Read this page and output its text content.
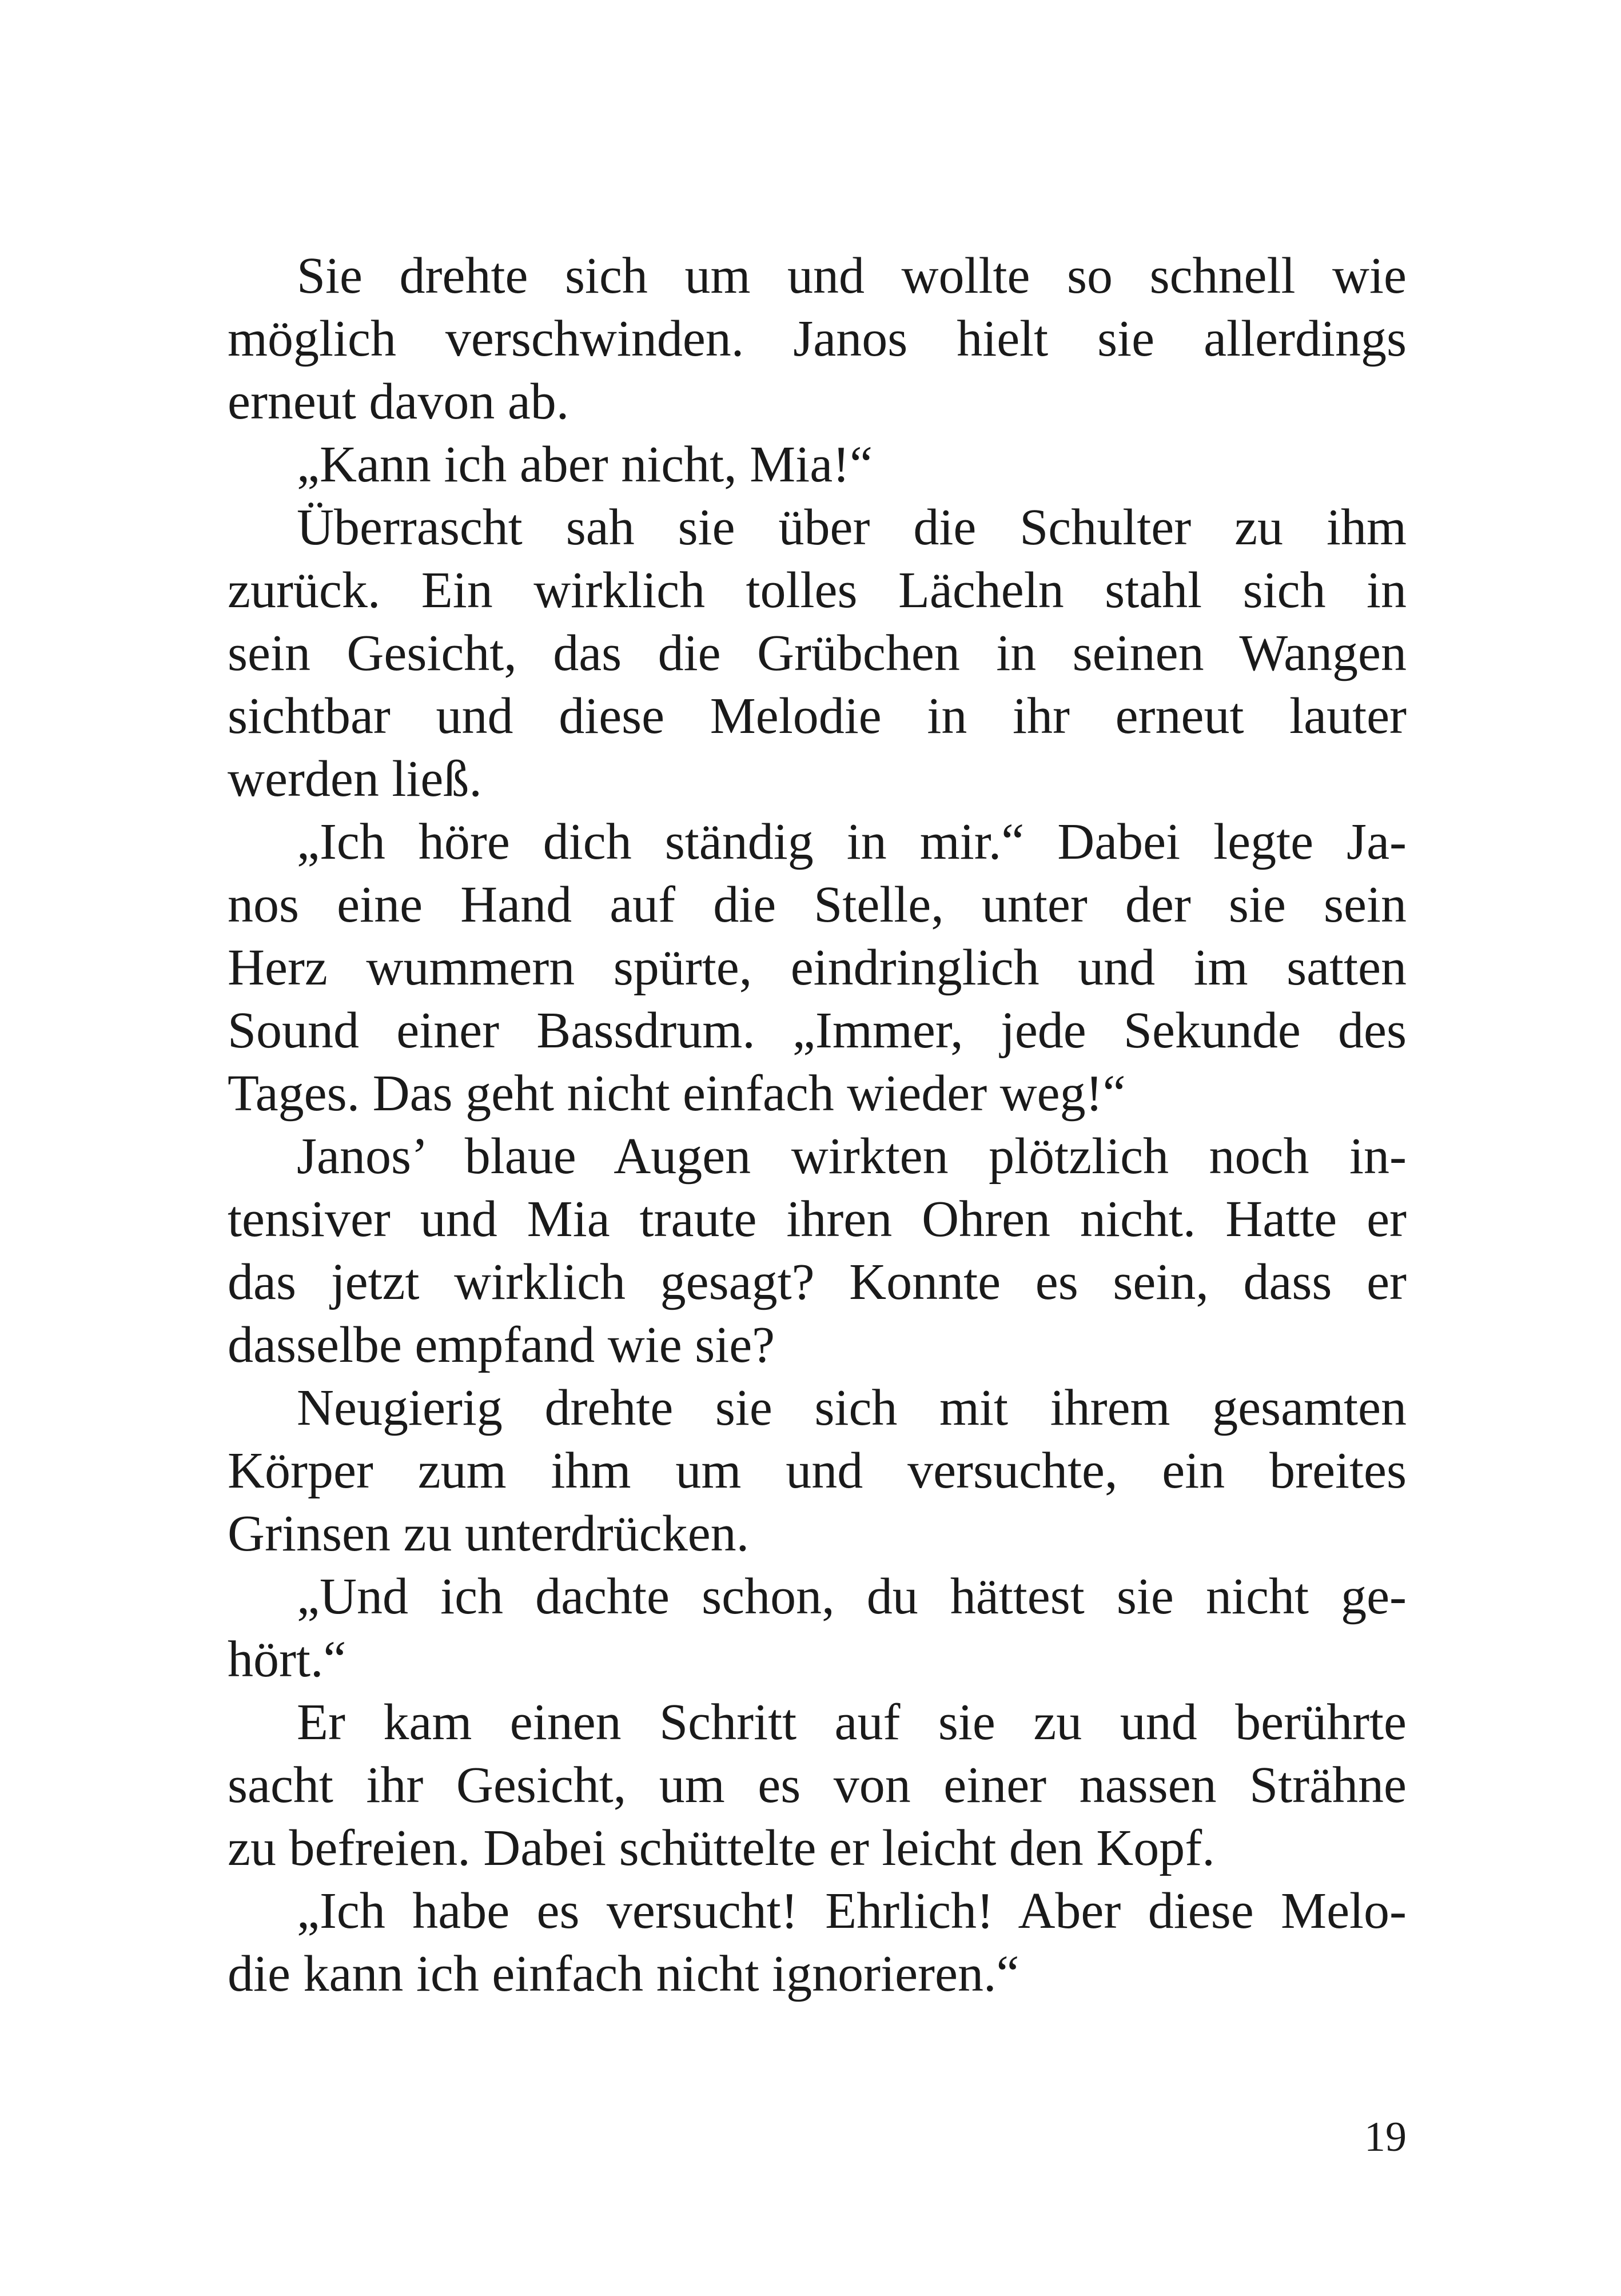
Sie drehte sich um und wollte so schnell wie
möglich verschwinden. Janos hielt sie allerdings
erneut davon ab.
„Kann ich aber nicht, Mia!“
Überrascht sah sie über die Schulter zu ihm
zurück. Ein wirklich tolles Lächeln stahl sich in
sein Gesicht, das die Grübchen in seinen Wangen
sichtbar und diese Melodie in ihr erneut lauter
werden ließ.
„Ich höre dich ständig in mir.“ Dabei legte Ja-
nos eine Hand auf die Stelle, unter der sie sein
Herz wummern spürte, eindringlich und im satten
Sound einer Bassdrum. „Immer, jede Sekunde des
Tages. Das geht nicht einfach wieder weg!“
Janos’ blaue Augen wirkten plötzlich noch in-
tensiver und Mia traute ihren Ohren nicht. Hatte er
das jetzt wirklich gesagt? Konnte es sein, dass er
dasselbe empfand wie sie?
Neugierig drehte sie sich mit ihrem gesamten
Körper zum ihm um und versuchte, ein breites
Grinsen zu unterdrücken.
„Und ich dachte schon, du hättest sie nicht ge-
hört.“
Er kam einen Schritt auf sie zu und berührte
sacht ihr Gesicht, um es von einer nassen Strähne
zu befreien. Dabei schüttelte er leicht den Kopf.
„Ich habe es versucht! Ehrlich! Aber diese Melo-
die kann ich einfach nicht ignorieren.“
19
